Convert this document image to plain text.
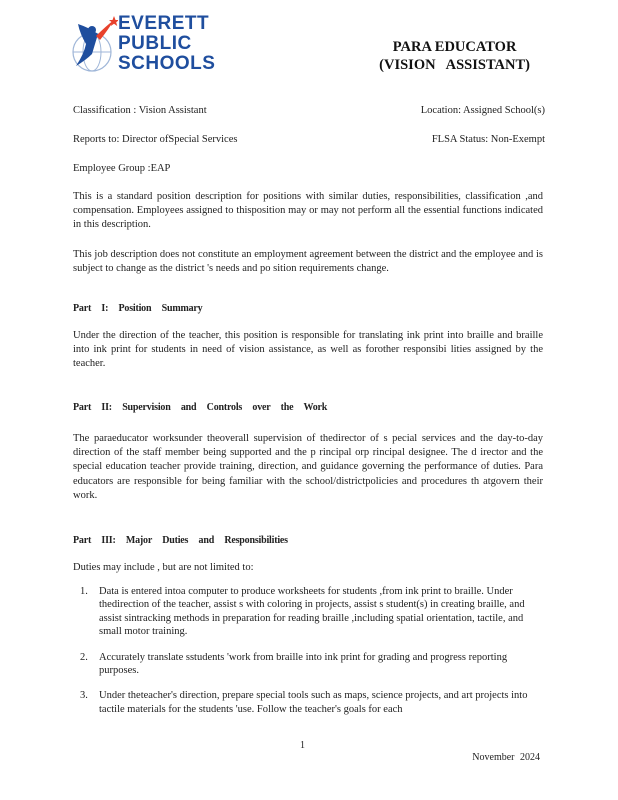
EVERETT
PUBLIC
SCHOOLS
PARA EDUCATOR
(VISION   ASSISTANT)
Classification : Vision Assistant	Location: Assigned School(s)
Reports to: Director ofSpecial Services	FLSA Status: Non-Exempt
Employee Group :EAP
This is a standard position description for positions with similar duties, responsibilities, classification ,and compensation. Employees assigned to thisposition may or may not perform all the essential functions indicated in this description.
This job description does not constitute an employment agreement between the district and the employee and is subject to change as the district 's needs and po sition requirements change.
Part I: Position Summary
Under the direction of the teacher, this position is responsible for translating ink print into braille and braille into ink print for students in need of vision assistance, as well as forother responsibi lities assigned by the teacher.
Part II: Supervision and Controls over the Work
The paraeducator worksunder theoverall supervision of thedirector of s pecial services and the day-to-day direction of the staff member being supported and the p rincipal orp rincipal designee. The d irector and the special education teacher provide training, direction, and guidance governing the performance of duties. Para educators are responsible for being familiar with the school/districtpolicies and procedures th atgovern their work.
Part III: Major Duties and Responsibilities
Duties may include , but are not limited to:
1. Data is entered intoa computer to produce worksheets for students ,from ink print to braille. Under thedirection of the teacher, assist s with coloring in projects, assist s student(s) in creating braille, and assist sintracking methods in preparation for reading braille ,including spatial orientation, tactile, and small motor training.
2. Accurately translate sstudents 'work from braille into ink print for grading and progress reporting purposes.
3. Under theteacher's direction, prepare special tools such as maps, science projects, and art projects into tactile materials for the students 'use. Follow the teacher's goals for each
1
November 2024
